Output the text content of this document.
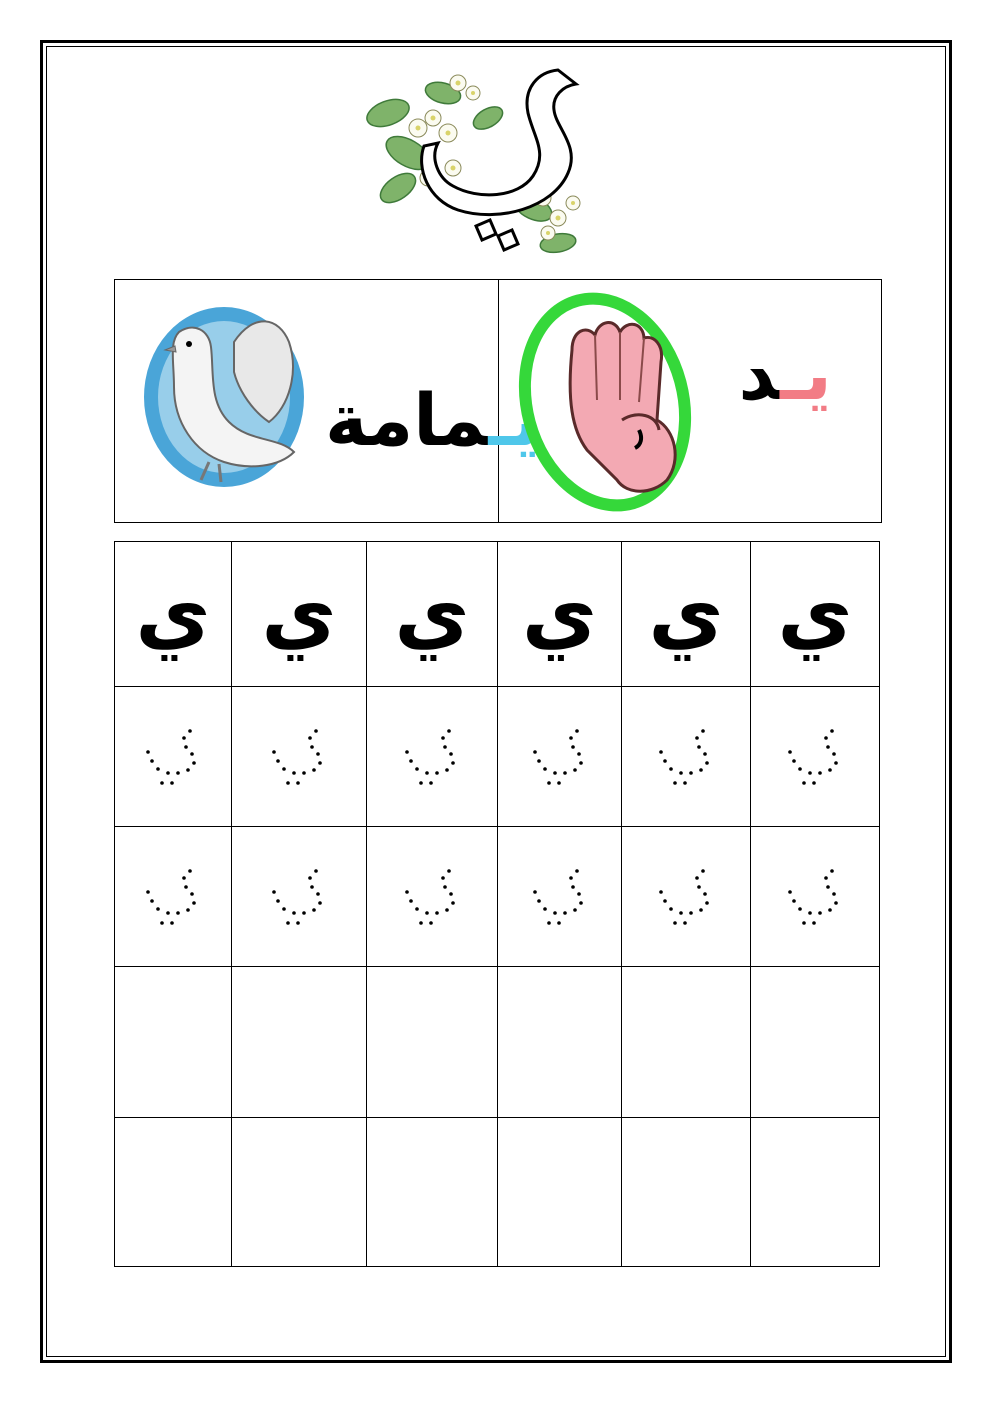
يـمامة
يـد
ي ي ي ي ي ي
